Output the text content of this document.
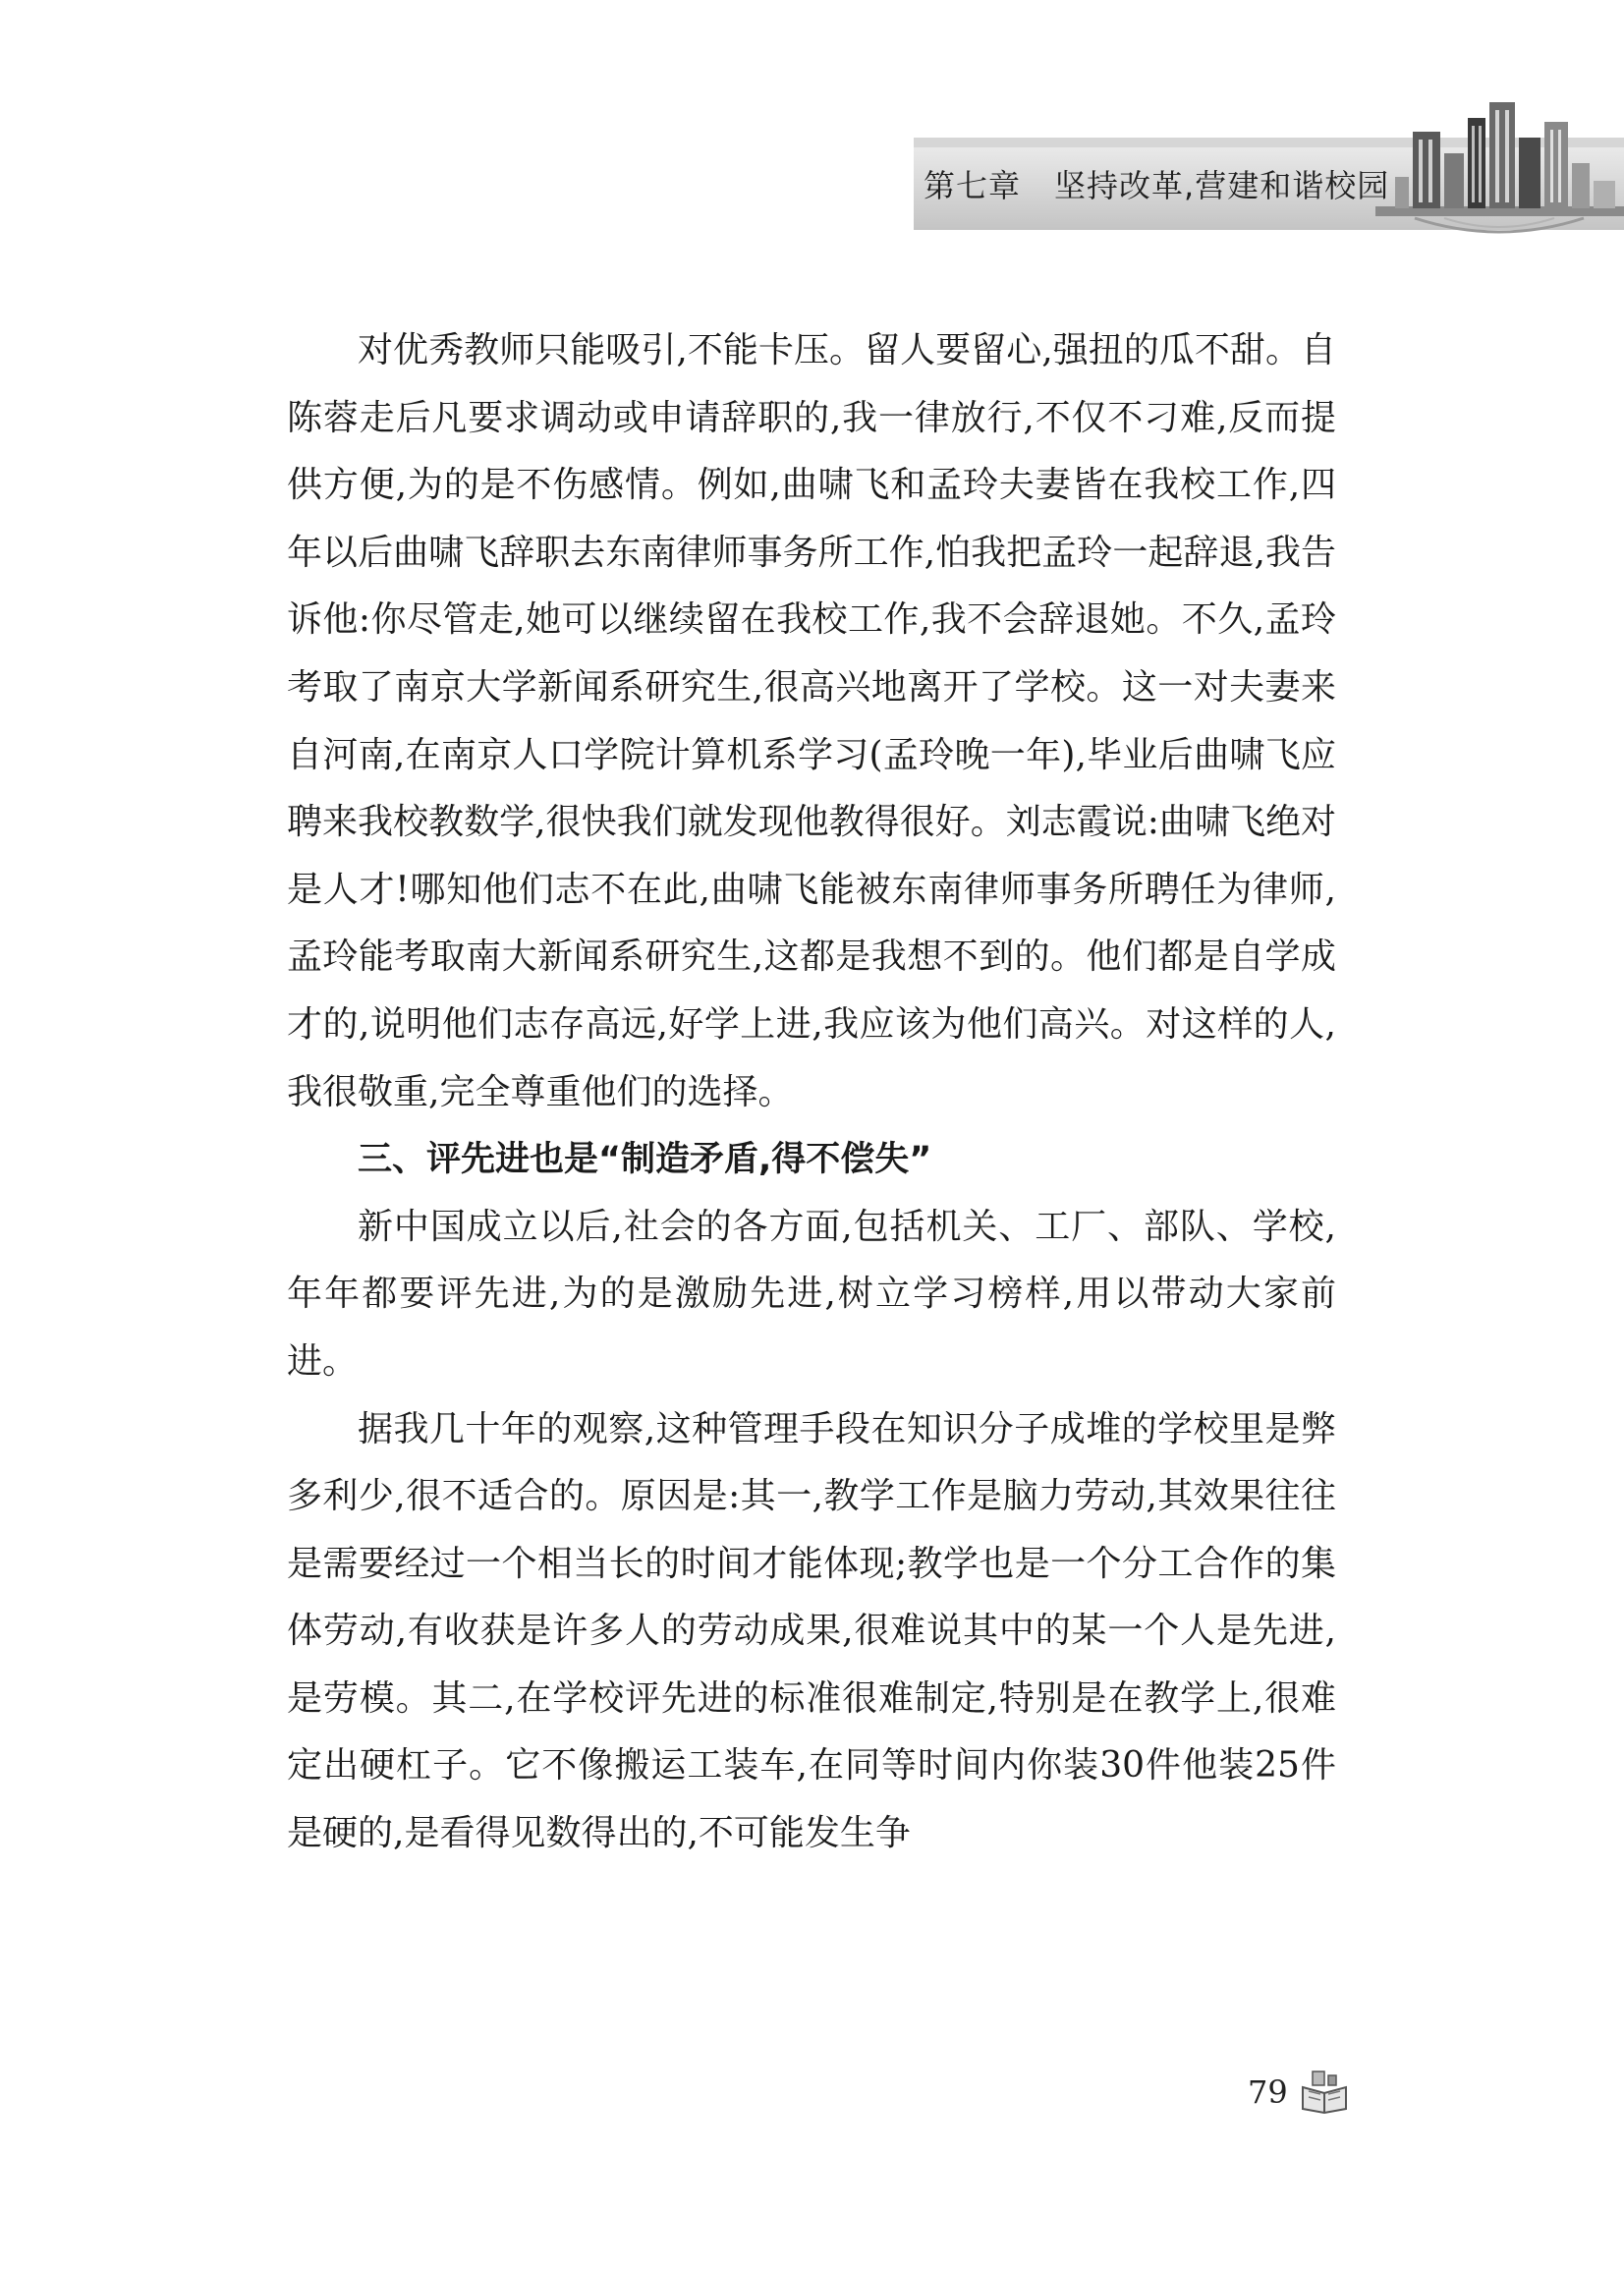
第七章 坚持改革,营建和谐校园

对优秀教师只能吸引,不能卡压。留人要留心,强扭的瓜不甜。自陈蓉走后凡要求调动或申请辞职的,我一律放行,不仅不刁难,反而提供方便,为的是不伤感情。例如,曲啸飞和孟玲夫妻皆在我校工作,四年以后曲啸飞辞职去东南律师事务所工作,怕我把孟玲一起辞退,我告诉他:你尽管走,她可以继续留在我校工作,我不会辞退她。不久,孟玲考取了南京大学新闻系研究生,很高兴地离开了学校。这一对夫妻来自河南,在南京人口学院计算机系学习(孟玲晚一年),毕业后曲啸飞应聘来我校教数学,很快我们就发现他教得很好。刘志霞说:曲啸飞绝对是人才!哪知他们志不在此,曲啸飞能被东南律师事务所聘任为律师,孟玲能考取南大新闻系研究生,这都是我想不到的。他们都是自学成才的,说明他们志存高远,好学上进,我应该为他们高兴。对这样的人,我很敬重,完全尊重他们的选择。

三、评先进也是“制造矛盾,得不偿失”

新中国成立以后,社会的各方面,包括机关、工厂、部队、学校,年年都要评先进,为的是激励先进,树立学习榜样,用以带动大家前进。

据我几十年的观察,这种管理手段在知识分子成堆的学校里是弊多利少,很不适合的。原因是:其一,教学工作是脑力劳动,其效果往往是需要经过一个相当长的时间才能体现;教学也是一个分工合作的集体劳动,有收获是许多人的劳动成果,很难说其中的某一个人是先进,是劳模。其二,在学校评先进的标准很难制定,特别是在教学上,很难定出硬杠子。它不像搬运工装车,在同等时间内你装30件他装25件是硬的,是看得见数得出的,不可能发生争

79
